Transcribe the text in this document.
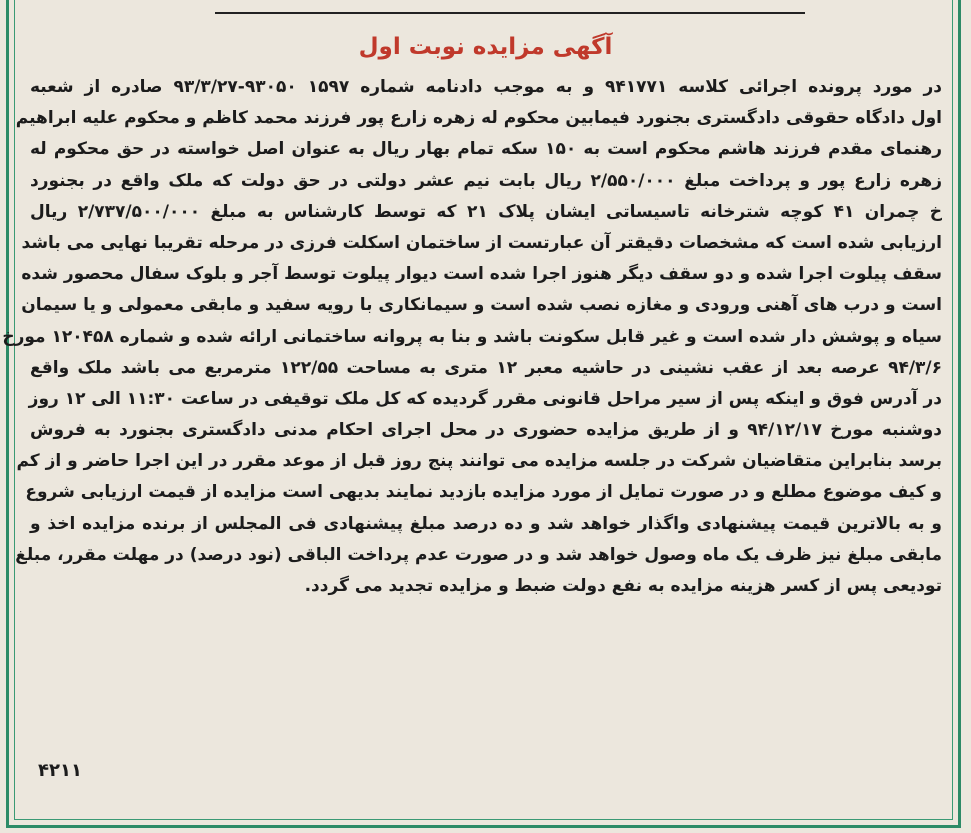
آگهی مزایده نوبت اول
در مورد پرونده اجرائی کلاسه ۹۴۱۷۷۱ و به موجب دادنامه شماره ۱۵۹۷ ۹۳۰۵۰-۹۳/۳/۲۷ صادره از شعبه
اول دادگاه حقوقی دادگستری بجنورد فیمابین محکوم له زهره زارع پور فرزند محمد کاظم و محکوم علیه ابراهیم
رهنمای مقدم فرزند هاشم محکوم است به ۱۵۰ سکه تمام بهار ریال به عنوان اصل خواسته در حق محکوم له
زهره زارع پور و پرداخت مبلغ ۲/۵۵۰/۰۰۰ ریال بابت نیم عشر دولتی در حق دولت که ملک واقع در بجنورد
خ چمران ۴۱ کوچه شترخانه تاسیساتی ایشان پلاک ۲۱ که توسط کارشناس به مبلغ ۲/۷۳۷/۵۰۰/۰۰۰ ریال
ارزیابی شده است که مشخصات دقیقتر آن عبارتست از ساختمان اسکلت فرزی در مرحله تقریبا نهایی می باشد
سقف پیلوت اجرا شده و دو سقف دیگر هنوز اجرا شده است دیوار پیلوت توسط آجر و بلوک سفال محصور شده
است و درب های آهنی ورودی و مغازه نصب شده است و سیمانکاری با رویه سفید و مابقی معمولی و یا سیمان
سیاه و پوشش دار شده است و غیر قابل سکونت باشد و بنا به پروانه ساختمانی ارائه شده و شماره ۱۲۰۴۵۸ مورخ
۹۴/۳/۶ عرصه بعد از عقب نشینی در حاشیه معبر ۱۲ متری به مساحت ۱۲۲/۵۵ مترمربع می باشد ملک واقع
در آدرس فوق و اینکه پس از سیر مراحل قانونی مقرر گردیده که کل ملک توقیفی در ساعت ۱۱:۳۰ الی ۱۲ روز
دوشنبه مورخ ۹۴/۱۲/۱۷ و از طریق مزایده حضوری در محل اجرای احکام مدنی دادگستری بجنورد به فروش
برسد بنابراین متقاضیان شرکت در جلسه مزایده می توانند پنج روز قبل از موعد مقرر در این اجرا حاضر و از کم
و کیف موضوع مطلع و در صورت تمایل از مورد مزایده بازدید نمایند بدیهی است مزایده از قیمت ارزیابی شروع
و به بالاترین قیمت پیشنهادی واگذار خواهد شد و ده درصد مبلغ پیشنهادی فی المجلس از برنده مزایده اخذ و
مابقی مبلغ نیز ظرف یک ماه وصول خواهد شد و در صورت عدم پرداخت الباقی (نود درصد) در مهلت مقرر، مبلغ
تودیعی پس از کسر هزینه مزایده به نفع دولت ضبط و مزایده تجدید می گردد.
۴۲۱۱
